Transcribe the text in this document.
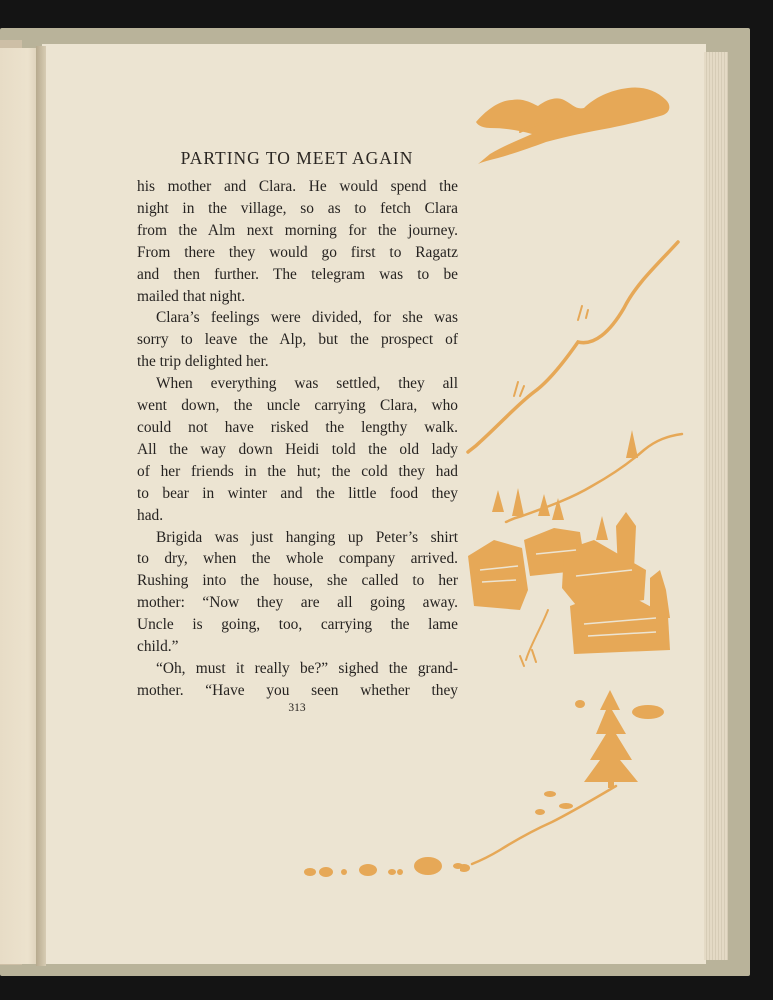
PARTING TO MEET AGAIN

his mother and Clara. He would spend the
night in the village, so as to fetch Clara
from the Alm next morning for the journey.
From there they would go first to Ragatz
and then further. The telegram was to be
mailed that night.

Clara’s feelings were divided, for she was
sorry to leave the Alp, but the prospect of
the trip delighted her.

When everything was settled, they all
went down, the uncle carrying Clara, who
could not have risked the lengthy walk.
All the way down Heidi told the old lady
of her friends in the hut; the cold they had
to bear in winter and the little food they
had.

Brigida was just hanging up Peter’s shirt
to dry, when the whole company arrived.
Rushing into the house, she called to her
mother: “Now they are all going away.
Uncle is going, too, carrying the lame
child.”

“Oh, must it really be?” sighed the grand-
mother. “Have you seen whether they

313
